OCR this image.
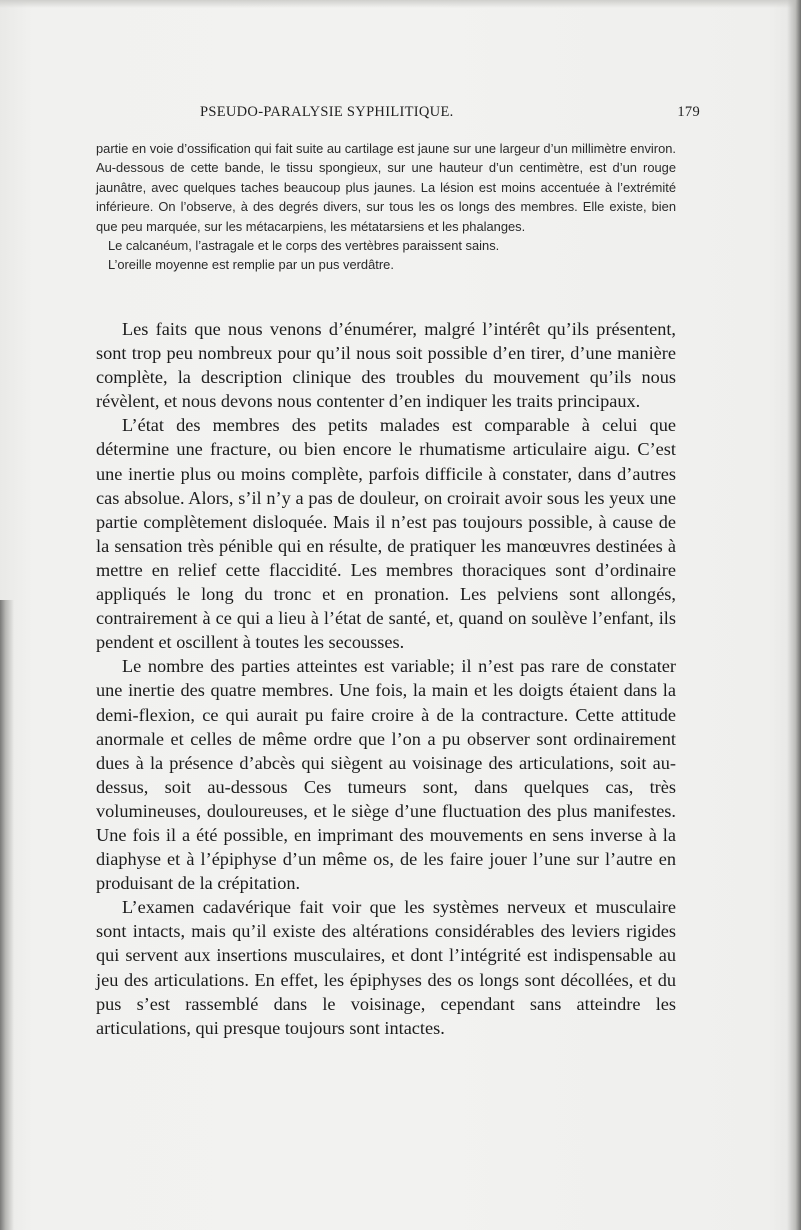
PSEUDO-PARALYSIE SYPHILITIQUE.	179

partie en voie d’ossification qui fait suite au cartilage est jaune sur une largeur d’un millimètre environ. Au-dessous de cette bande, le tissu spongieux, sur une hauteur d’un centimètre, est d’un rouge jaunâtre, avec quelques taches beaucoup plus jaunes. La lésion est moins accentuée à l’extrémité inférieure. On l’observe, à des degrés divers, sur tous les os longs des membres. Elle existe, bien que peu marquée, sur les métacarpiens, les métatarsiens et les phalanges.

Le calcanéum, l’astragale et le corps des vertèbres paraissent sains.

L’oreille moyenne est remplie par un pus verdâtre.

Les faits que nous venons d’énumérer, malgré l’intérêt qu’ils présentent, sont trop peu nombreux pour qu’il nous soit possible d’en tirer, d’une manière complète, la description clinique des troubles du mouvement qu’ils nous révèlent, et nous devons nous contenter d’en indiquer les traits principaux.

L’état des membres des petits malades est comparable à celui que détermine une fracture, ou bien encore le rhumatisme articulaire aigu. C’est une inertie plus ou moins complète, parfois difficile à constater, dans d’autres cas absolue. Alors, s’il n’y a pas de douleur, on croirait avoir sous les yeux une partie complètement disloquée. Mais il n’est pas toujours possible, à cause de la sensation très pénible qui en résulte, de pratiquer les manœuvres destinées à mettre en relief cette flaccidité. Les membres thoraciques sont d’ordinaire appliqués le long du tronc et en pronation. Les pelviens sont allongés, contrairement à ce qui a lieu à l’état de santé, et, quand on soulève l’enfant, ils pendent et oscillent à toutes les secousses.

Le nombre des parties atteintes est variable; il n’est pas rare de constater une inertie des quatre membres. Une fois, la main et les doigts étaient dans la demi-flexion, ce qui aurait pu faire croire à de la contracture. Cette attitude anormale et celles de même ordre que l’on a pu observer sont ordinairement dues à la présence d’abcès qui siègent au voisinage des articulations, soit au-dessus, soit au-dessous Ces tumeurs sont, dans quelques cas, très volumineuses, douloureuses, et le siège d’une fluctuation des plus manifestes. Une fois il a été possible, en imprimant des mouvements en sens inverse à la diaphyse et à l’épiphyse d’un même os, de les faire jouer l’une sur l’autre en produisant de la crépitation.

L’examen cadavérique fait voir que les systèmes nerveux et musculaire sont intacts, mais qu’il existe des altérations considérables des leviers rigides qui servent aux insertions musculaires, et dont l’intégrité est indispensable au jeu des articulations. En effet, les épiphyses des os longs sont décollées, et du pus s’est rassemblé dans le voisinage, cependant sans atteindre les articulations, qui presque toujours sont intactes.
